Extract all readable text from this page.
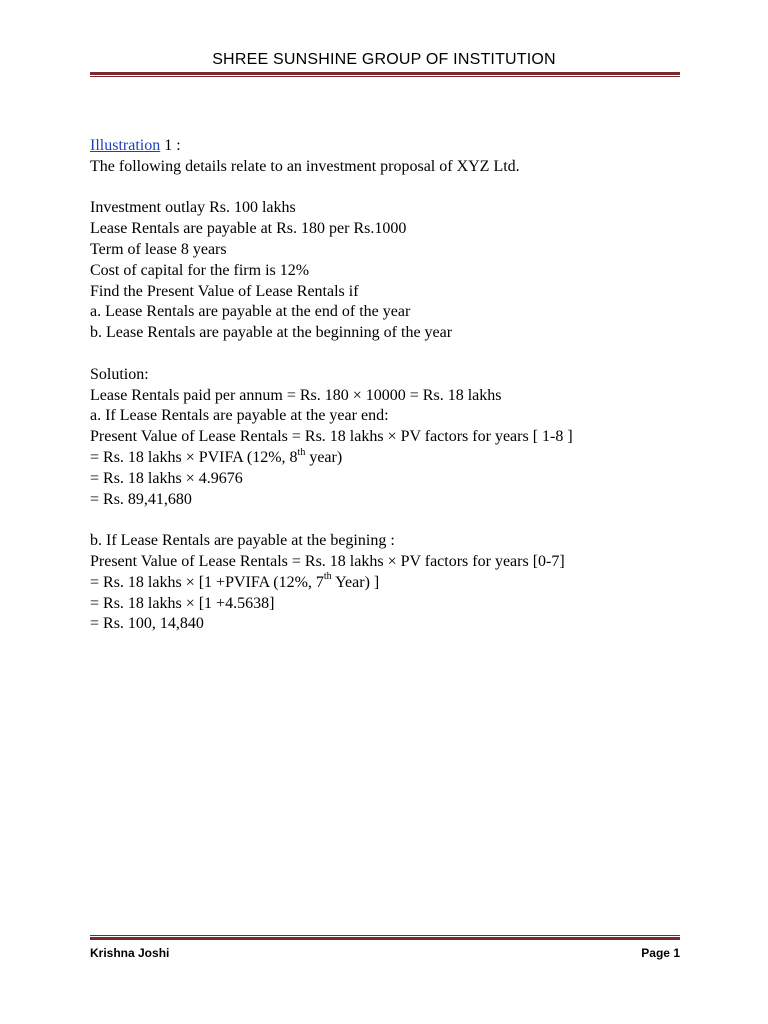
SHREE SUNSHINE GROUP OF INSTITUTION
Illustration 1 :
The following details relate to an investment proposal of XYZ Ltd.
Investment outlay Rs. 100 lakhs
Lease Rentals are payable at Rs. 180 per Rs.1000
Term of lease 8 years
Cost of capital for the firm is 12%
Find the Present Value of Lease Rentals if
a. Lease Rentals are payable at the end of the year
b. Lease Rentals are payable at the beginning of the year
Solution:
Lease Rentals paid per annum = Rs. 180 × 10000 = Rs. 18 lakhs
a. If Lease Rentals are payable at the year end:
Present Value of Lease Rentals = Rs. 18 lakhs × PV factors for years [ 1-8 ]
= Rs. 18 lakhs × PVIFA (12%, 8th year)
= Rs. 18 lakhs × 4.9676
= Rs. 89,41,680
b. If Lease Rentals are payable at the begining :
Present Value of Lease Rentals = Rs. 18 lakhs × PV factors for years [0-7]
= Rs. 18 lakhs × [1 +PVIFA (12%, 7th Year) ]
= Rs. 18 lakhs × [1 +4.5638]
= Rs. 100, 14,840
Krishna Joshi	Page 1
